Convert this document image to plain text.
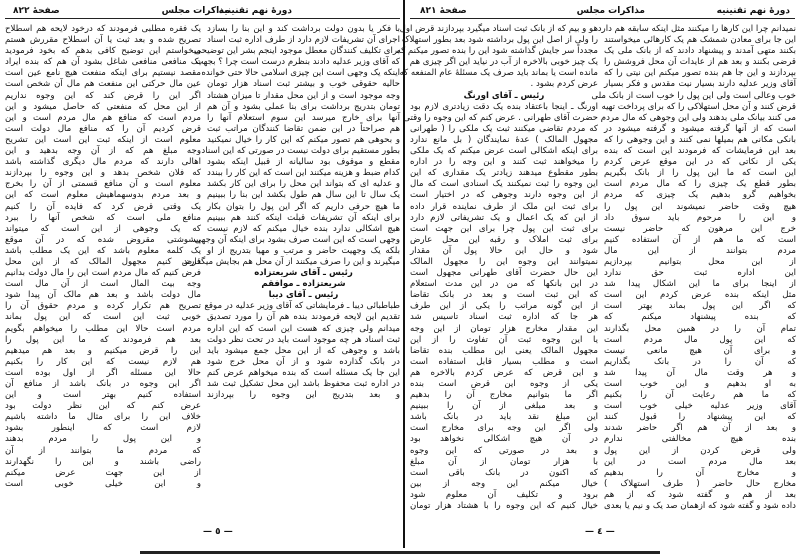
دورهٔ نهم تقنینیه
مذاکرات مجلس
صفحهٔ ۸۲۲	دورهٔ نهم تقنینیه
مذاکرات مجلس
صفحهٔ ۸۲۱
با فکر یا بدون دولت برداشت کند و این بنا را بسازد
اجرای آن تشریفات لازم دارد از طرف اداره ثبت اسناد
برای تکلیف کنندگان معطل موجود اینجم بشر این توضیحی
که آقای وزیر عدلیه دادند بنظرم درست است چرا ؟ بجهت
اینکه یک وجهی است این چیزی اسلامی حالا حتی خوانده
حالیه حقوقی خوب و بیشتر ثبت اسناد هزار تومان
وجه موجود است و از این محل مقدار تا میزان هشتاد
تومان بتدریج برداشت برای بنا عملی بشود و آن هم
آنها برای خارج میرسد این سوم استعلام آنها را
هم صراحتاً در این ضمن تقاضا کنندگان مراتب ثبت
و بحوهی هم تصور میکنم که این کار را خیال نمیکنید
بطور مستقیم برای دولت نیست در صورتی که این اسناد
مقطع و موقوف بود سالیانه از قبیل اینکه بشود
کدام ضبط و هزینه میکنند این است که این کار را ببندد
و عدلیه ای که بتواند این محل را برای این کار بکشد
یک سال تا این سال هم طول بکشد این بنا را ببینیم
ما هیچ حرفی داریم که اگر این پول را بتوان بکار
برای اینکه آن تشریفات قبلت اینکه کنند هم ببینیم
هیچ اشکالی ندارد بنده خیال میکنم که لازم نیست
وجهی است که این است صرف بشود برای اینکه آن وجهی
بلکه یک وجهیت حاضر و مرتب و مهیا بتدریج از او
میگیرند و این را صرف میکنند از آن محل هم بجایش میگذارند
رئیس ـ آقای شریعتزاده
شریعتزاده ـ موافقم
رئیس ـ آقای دیبا
طباطبائی دیبا ـ فرمایشاتی که آقای وزیر عدلیه در موقع
تقدیم این لایحه فرمودند بنده هم آن را مورد تصدیق
میدانم ولی چیزی که هست این است که این اداره
ثبت اسناد هر چه موجود است باید در تحت نظر دولت
باشد و وجوهی که از این محل جمع میشود باید
در بانک گذارده شود و از آن محل خرج شود
این جا یک مسئله است که بنده میخواهم عرض کنم
در اداره ثبت محفوظ باشد این محل تشکیل ثبت شد
و بعد بتدریج این وجوه را بپردازند
یک فقره مطلبی فرمودند که درخود لایحه هم اسطلاح
تصریح شده و بعد ثبت یا آن اسطلاح مقررش هستم
میخواستم این توضیح کافی بدهم که بخود فرمودید
یک منافعی منافعی شاغل بشود آن هم که بنده ایراد
مقصد نیستیم برای اینکه منفعت هیچ نامع عین است
عین مال حرکتی این منفعت هم مال آن شخص است
اگر این را قرض کند که این وجوه نداریم
از این محل که منفعتی که حاصل میشود و این
مردم است که منافع هم مال مردم است و این
قرض کردیم آن را که منافع مال دولت است
معلوم است از اینکه ثبت این است این تشریح
وجه مبلغ هم که از آن وجه بدهید و این
اهالی دارند که مردم مال دیگری گذاشته باشد
که فلان شخص بدهد و این وجوه را بپردازند
معلوم است و آن منافع قسمتی از آن را بخرج
و بعد مردم بدوسهماهیش معلوم است که این
یک وقتی قرض کرد که فایده آن را کنیم
منافع ملی است که شخص آنها را ببرد
که یک وجوهی از این است که میتواند
پیشوشتی مقروض شده که در آن موقع
یک کلمه معلوم باشد که این یک مطلب باشد
قرض کنیم مجهول المالک که از این محل
فرض کنیم که مال مردم است این را مال دولت بدانیم
وجه بیت المال است از آن مال است
مال دولت باشد و بعد هم مالک آن پیدا شود
تصریح هم تکرار کرده و مردم حقوق آن را
خوبی ثبت این است که این پول بماند
مردم است حالا این مطلب را میخواهم بگویم
بعد هم فرمودند که ما این پول را
این را قرض میکنیم و بعد هم میدهیم
هم لازم نیست که این کار را بکنیم
حالا این مسئله اگر از اول بوده است
اگر این وجوه در بانک باشد از منافع آن
استفاده کنیم بهتر است و این
عرض کنم که این نظر دولت بود
خلاف این را برای مثال ما داشته باشیم
لازم است که اینطور بشود
و این پول را مردم بدهند
که مردم ما بتوانند از آن
راضی باشند و این را نگهدارند
از این جهت عرض میکنم
و این خیلی خوبی است
هو و بیم که از بانک ثبت اسناد میگیرد بپردازند قرض اول
را ولی از اصل این پول برداشته شود بعد بطور استهلاک
مجدداً سر جایش گذاشته شود این را بنده تصور میکنم که
یک چیز خوبی بالاخره از آب در نیاید این اگر چیزی هم
مانده است یا بماند باید صرف یک مسئلهٔ عام المنفعه که
عرض کردم بشود .
رئیس ـ آقای اورنگ
اورنگ ـ اینجا باعتقاد بنده یک دقت زیادتری لازم بود
حضرت آقای طهرانی . عرض کنم که این وجوه را وقتی
که مردم تقاضی میکنند ثبت یک ملکی را ( طهرانی
مجهول المالک ) عدهٔ نمایندگان ( بل مانع ندارد
برای اینکه اشکالی است عرض میکنم که یک ملکی
را میخواهند ثبت کنند و این وجه را در اداره
بطور مقطوع میدهند زیادتر یک مقداری که این
این وجوه را ثبت نمیکنند یک اسنادی است که مال
از این وجوه دارند وجوهی که در اختیار است
برای ثبت این ملک از طرف نماینده قرار داده
از این که یک اعمال و یک تشریفاتی لازم دارد
برای ثبت این پول چرا برای این جهت است
برای ثبت املاک و رقبه این محل عارض
شود و حال این حالا پول آن مقدار
نمیتوانند این وجوه این را مجهول المالک
این حال حضرت آقای طهرانی مجهول است
در این بانکها که من در این مدت استعلام
که این ثبت است و بعد در بانک تقاضا
از این گونه مراتب را یکی از این طرف
هر جا که اداره ثبت اسناد تاسیس شد
این مقدار مخارج هزار تومان از این وجه
یا این وجوه ثبت آن تفاوت را از این
مجهول المالک یعنی این مطلب بنده تقاضا
است و مطلب بسیار قابل استفاده است
و این قرض که عرض کردم بالاخره هم
یکی از وجوه این قرض است بنده
اگر ما بتوانیم مخارج آن را بدهیم
و بعد مبلغی از آن را ببینیم
این مبلغ نقد باید در بانک باشد
ولی اگر این وجه برای مخارج است
در آن هیچ اشکالی نخواهد بود
و بعد در صورتی که این وجوه
با هزار تومان از آن مبلغ
که اکنون در بانک باقی است
خیال میکنم این وجه از بین
برود و تکلیف آن معلوم شود
خیال کنیم که این وجوه را با هشتاد هزار تومان
نمیدانم چرا این کارها را میکنند مثل اینکه سابقه هم دارد
این جا برای معادن شمشک هم یک کارهائی میخواستند
بکنند متهی آمدند و پیشنهاد دادند که از بانک ملی یک
قرضی بکنند و بعد هم از عایدات آن محل فروشش را
بپردازند و این جا هم بنده تصور میکنم این نیتی را که
آقای وزیر عدلیه دارند بسیار نیت مقدس و فکر بسیار
خوب وعالی است ولی این پول را خوب است از بانک ملی
قرض کنند و آن محل استهلاکی را که برای پرداخت تهیه
می کنند بیانک ملی بدهند ولی این وجوهی که مال مردم
است که از آنها گرفته میشود و گرفته میشود در
بانکی مکانی هم بمیلها نمی کنند و این وجوهی را که
بعد این فرمایشات که فرمودند این است که بنده
یکی از نکاتی که در این موقع عرض کردم
این است که ما این پول را از بانک بگیریم
بطور قطع یک چیزی را که مال مردم است
بخواهیم گرو بدهیم یک چیزی که مردم
هیچ وقت حاضر نمیشوند این پول را
و این را مرحوم باید سوق داد
خرج این مرهون که حاضر نیست
است که ما هم از آن استفاده کنیم
مردم بتوانند از این مال
از این محل بتوانیم بپردازیم
این اداره ثبت حق ندارد
از اینجا برای ما این اشکال پیدا شد
مثل اینکه بنده عرض کردم این است
که اگر این پول بماند بهتر است
که بنده پیشنهاد میکنم که
تمام آن را در همین محل بگذارند
که این پول مال مردم است
و برای آن هیچ مانعی نیست
که آن را در بانک بگذاریم
و هر وقت مال آن پیدا شد
به او بدهیم و این خوب است
که ما هم رعایت آن را بکنیم
آقای وزیر عدلیه خیلی خوب است
که این پیشنهاد را قبول کنند
و بعد از آن هم اگر حاضر شدند
بنده هیچ مخالفتی ندارم
ولی قرض کردن از این پول
بعد مال مردم است در این
و مخارج آن را بدهیم
مخارج حال حاضر ( طرف استهلاک )
بعد از هم و گفته شود که از هم
داده شود و گفته شود که ازهمان صد یک و نیم یا بعدی
— ٥ —	— ٤ —
